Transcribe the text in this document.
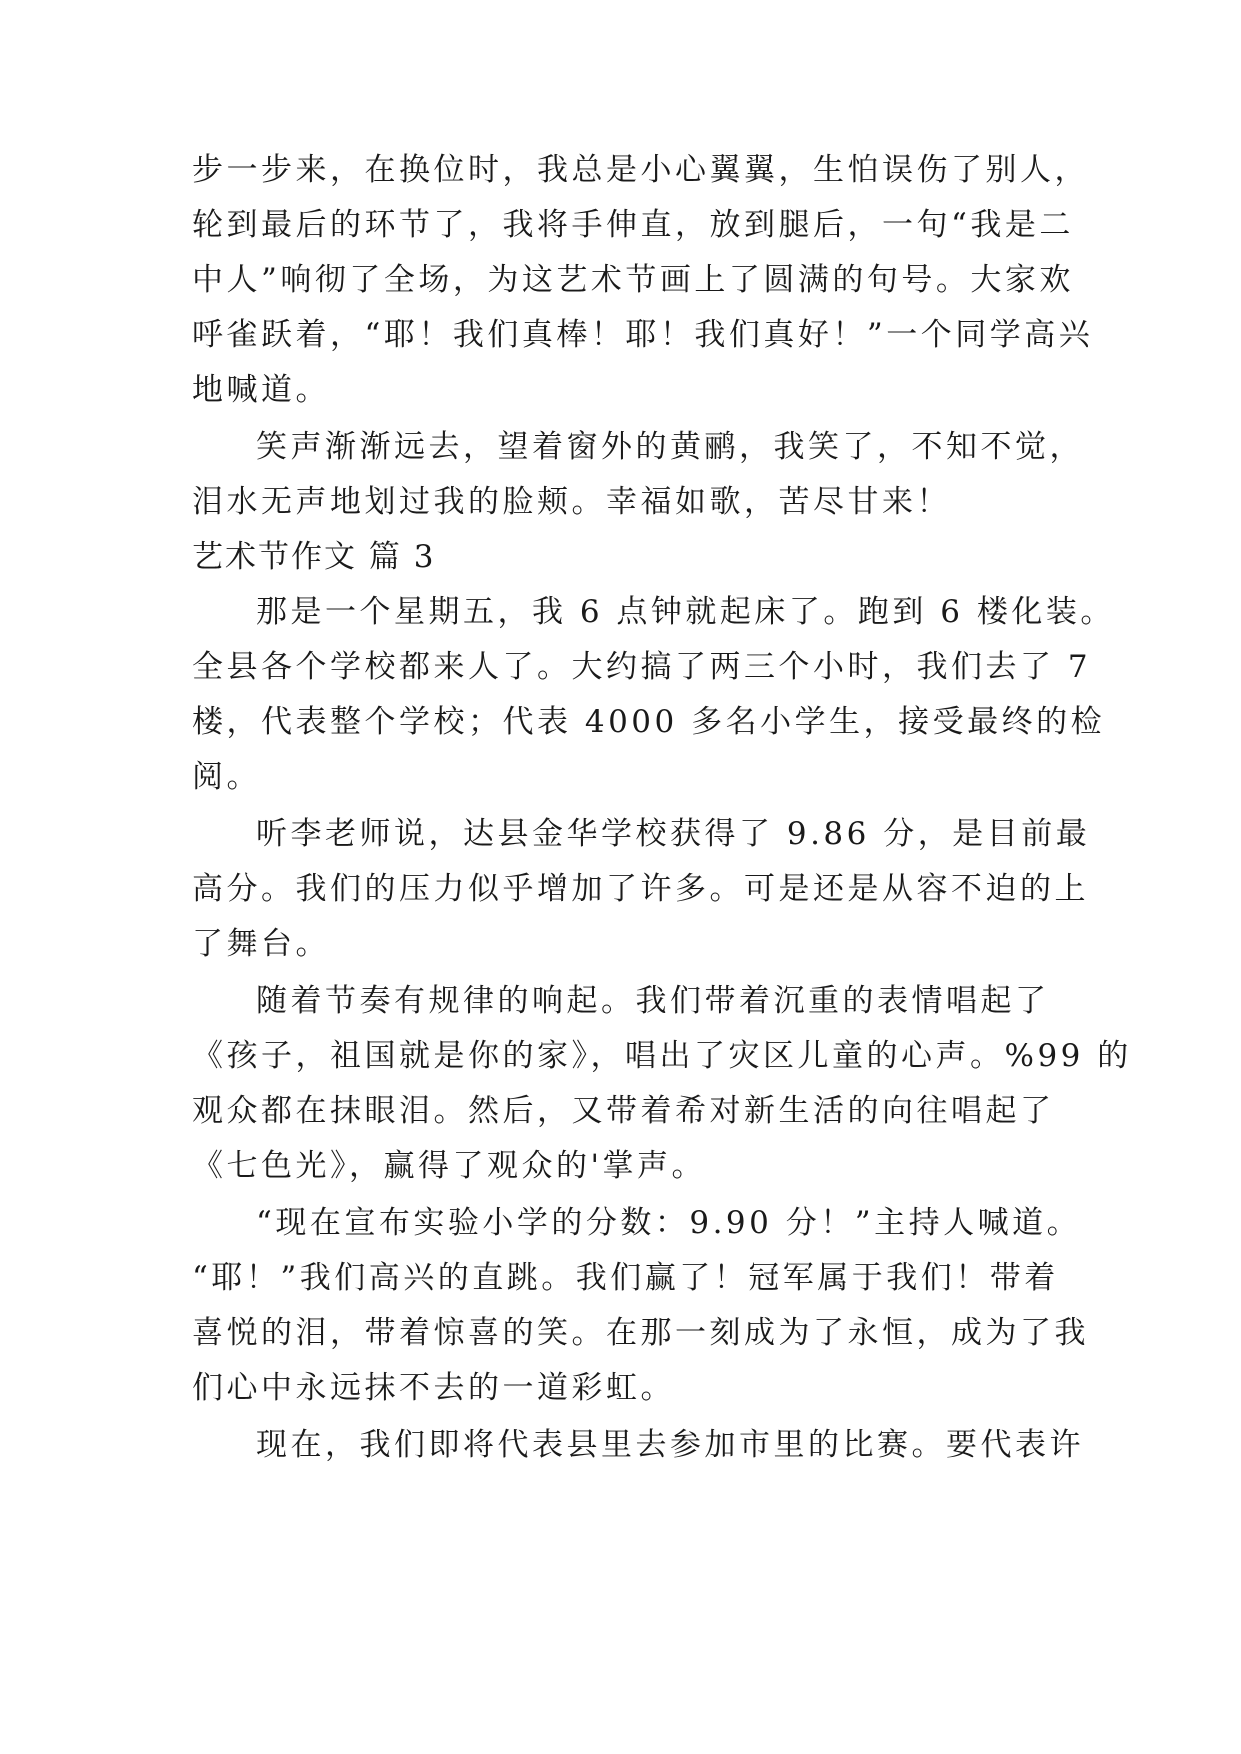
步一步来，在换位时，我总是小心翼翼，生怕误伤了别人，
轮到最后的环节了，我将手伸直，放到腿后，一句“我是二
中人”响彻了全场，为这艺术节画上了圆满的句号。大家欢
呼雀跃着，“耶！我们真棒！耶！我们真好！”一个同学高兴
地喊道。
笑声渐渐远去，望着窗外的黄鹂，我笑了，不知不觉，
泪水无声地划过我的脸颊。幸福如歌，苦尽甘来！
艺术节作文 篇 3
那是一个星期五，我 6 点钟就起床了。跑到 6 楼化装。
全县各个学校都来人了。大约搞了两三个小时，我们去了 7
楼，代表整个学校；代表 4000 多名小学生，接受最终的检
阅。
听李老师说，达县金华学校获得了 9.86 分，是目前最
高分。我们的压力似乎增加了许多。可是还是从容不迫的上
了舞台。
随着节奏有规律的响起。我们带着沉重的表情唱起了
《孩子，祖国就是你的家》，唱出了灾区儿童的心声。%99 的
观众都在抹眼泪。然后，又带着希对新生活的向往唱起了
《七色光》，赢得了观众的'掌声。
“现在宣布实验小学的分数：9.90 分！”主持人喊道。
“耶！”我们高兴的直跳。我们赢了！冠军属于我们！带着
喜悦的泪，带着惊喜的笑。在那一刻成为了永恒，成为了我
们心中永远抹不去的一道彩虹。
现在，我们即将代表县里去参加市里的比赛。要代表许
